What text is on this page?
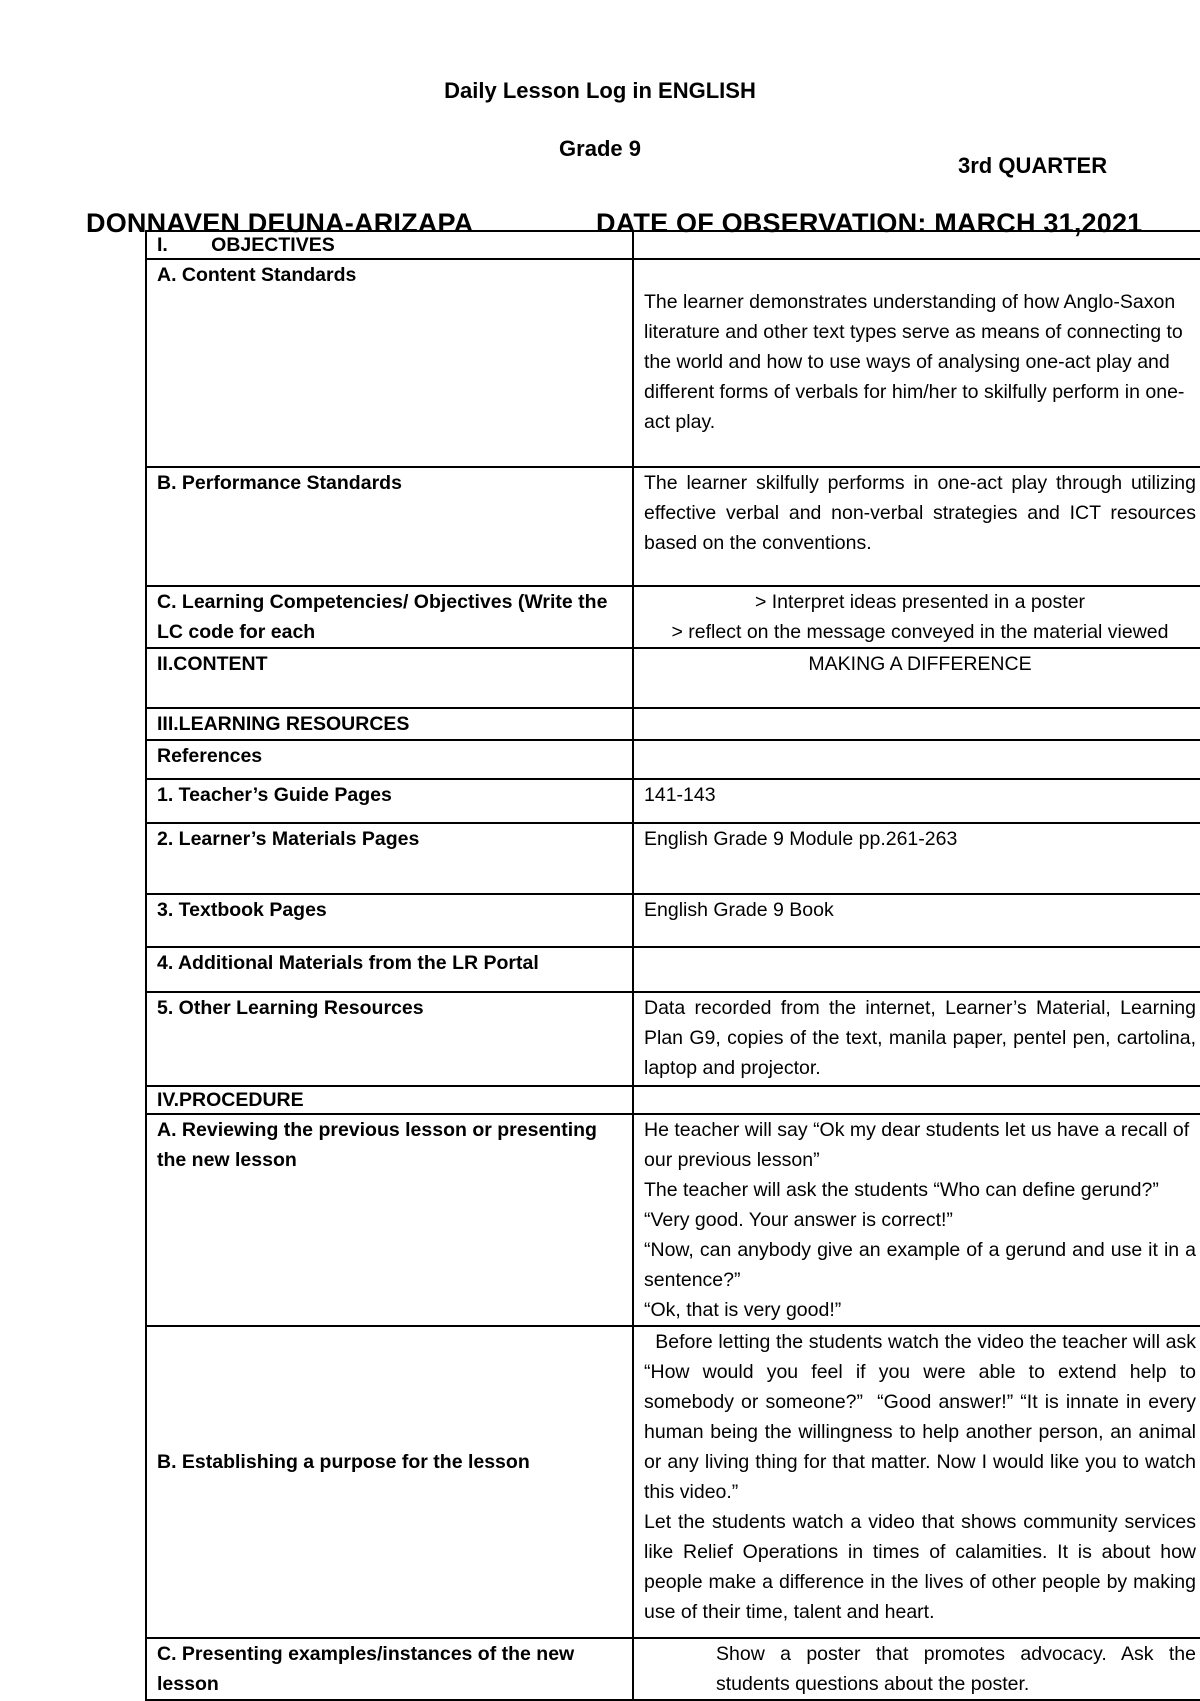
Daily Lesson Log in ENGLISH
Grade 9
3rd QUARTER
I.        OBJECTIVES	
A. Content Standards	The learner demonstrates understanding of how Anglo-Saxon literature and other text types serve as means of connecting to the world and how to use ways of analysing one-act play and different forms of verbals for him/her to skilfully perform in one-act play.

B. Performance Standards	The learner skilfully performs in one-act play through utilizing effective verbal and non-verbal strategies and ICT resources based on the conventions.
C. Learning Competencies/ Objectives (Write the LC code for each	> Interpret ideas presented in a poster
> reflect on the message conveyed in the material viewed

II.CONTENT	MAKING A DIFFERENCE
III.LEARNING RESOURCES	
References	
1. Teacher’s Guide Pages	141-143
2. Learner’s Materials Pages	English Grade 9 Module pp.261-263
3. Textbook Pages	English Grade 9 Book
4. Additional Materials from the LR Portal	
5. Other Learning Resources	Data recorded from the internet, Learner’s Material, Learning Plan G9, copies of the text, manila paper, pentel pen, cartolina, laptop and projector.
IV.PROCEDURE	
A. Reviewing the previous lesson or presenting the new lesson	He teacher will say “Ok my dear students let us have a recall of our previous lesson”
The teacher will ask the students “Who can define gerund?”
“Very good. Your answer is correct!”
“Now, can anybody give an example of a gerund and use it in a sentence?”
“Ok, that is very good!”

B. Establishing a purpose for the lesson	Before letting the students watch the video the teacher will ask “How would you feel if you were able to extend help to somebody or someone?”  “Good answer!” “It is innate in every human being the willingness to help another person, an animal or any living thing for that matter. Now I would like you to watch this video.”
Let the students watch a video that shows community services like Relief Operations in times of calamities. It is about how people make a difference in the lives of other people by making use of their time, talent and heart.

C. Presenting examples/instances of the new lesson	Show a poster that promotes advocacy. Ask the students questions about the poster.
DONNAVEN DEUNA-ARIZAPA	DATE OF OBSERVATION: MARCH 31,2021
